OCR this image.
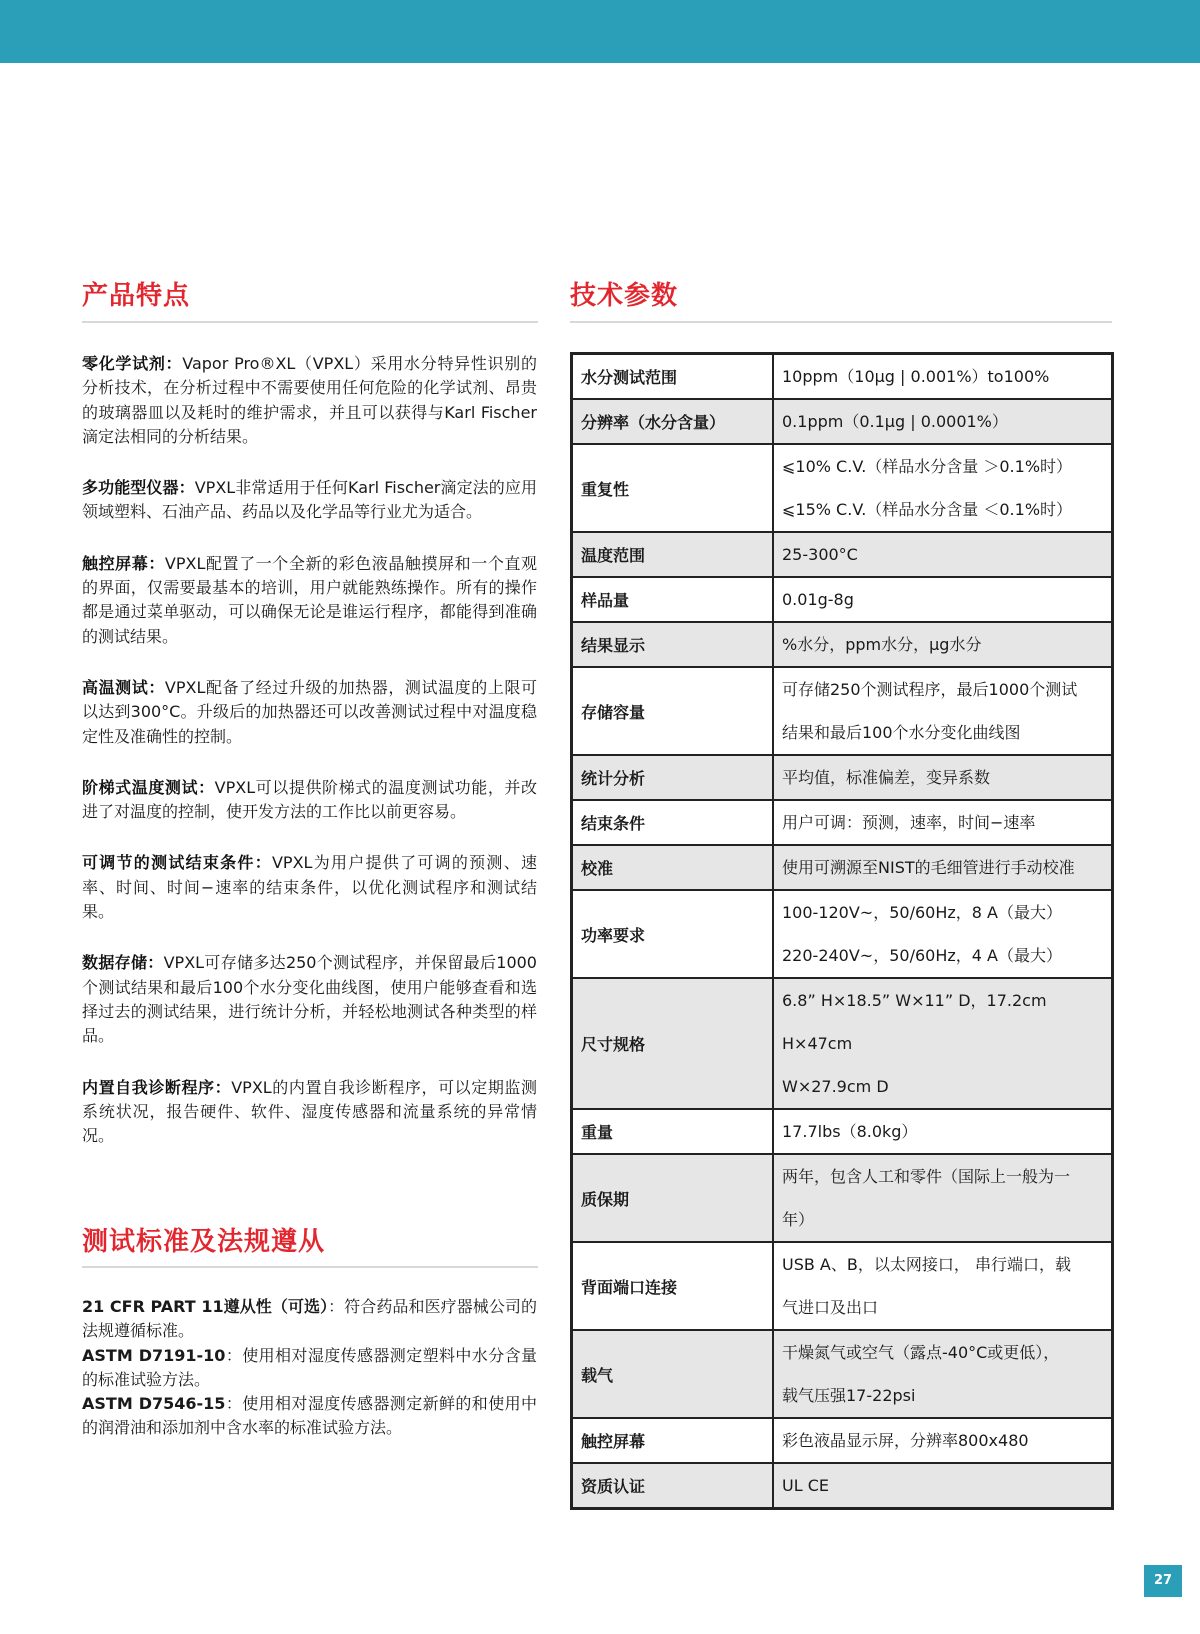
产品特点	技术参数

零化学试剂：Vapor Pro®XL（VPXL）采用水分特异性识别的分析技术，在分析过程中不需要使用任何危险的化学试剂、昂贵的玻璃器皿以及耗时的维护需求，并且可以获得与Karl Fischer滴定法相同的分析结果。

多功能型仪器：VPXL非常适用于任何Karl Fischer滴定法的应用领域塑料、石油产品、药品以及化学品等行业尤为适合。

触控屏幕：VPXL配置了一个全新的彩色液晶触摸屏和一个直观的界面，仅需要最基本的培训，用户就能熟练操作。所有的操作都是通过菜单驱动，可以确保无论是谁运行程序，都能得到准确的测试结果。

高温测试：VPXL配备了经过升级的加热器，测试温度的上限可以达到300°C。升级后的加热器还可以改善测试过程中对温度稳定性及准确性的控制。

阶梯式温度测试：VPXL可以提供阶梯式的温度测试功能，并改进了对温度的控制，使开发方法的工作比以前更容易。

可调节的测试结束条件：VPXL为用户提供了可调的预测、速率、时间、时间−速率的结束条件，以优化测试程序和测试结果。

数据存储：VPXL可存储多达250个测试程序，并保留最后1000个测试结果和最后100个水分变化曲线图，使用户能够查看和选择过去的测试结果，进行统计分析，并轻松地测试各种类型的样品。

内置自我诊断程序：VPXL的内置自我诊断程序，可以定期监测系统状况，报告硬件、软件、湿度传感器和流量系统的异常情况。

测试标准及法规遵从

21 CFR PART 11遵从性（可选）：符合药品和医疗器械公司的法规遵循标准。

ASTM D7191-10：使用相对湿度传感器测定塑料中水分含量的标准试验方法。

ASTM D7546-15：使用相对湿度传感器测定新鲜的和使用中的润滑油和添加剂中含水率的标准试验方法。

水分测试范围	10ppm（10μg | 0.001%）to100%

分辨率（水分含量）	0.1ppm（0.1μg | 0.0001%）

重复性	⩽10% C.V.（样品水分含量 ＞0.1%时）
⩽15% C.V.（样品水分含量 ＜0.1%时）

温度范围	25-300°C

样品量	0.01g-8g

结果显示	%水分，ppm水分，μg水分

存储容量	可存储250个测试程序，最后1000个测试
结果和最后100个水分变化曲线图

统计分析	平均值，标准偏差，变异系数

结束条件	用户可调：预测，速率，时间−速率

校准	使用可溯源至NIST的毛细管进行手动校准

功率要求	100-120V~，50/60Hz，8 A（最大）
220-240V~，50/60Hz，4 A（最大）

尺寸规格	6.8” H×18.5” W×11” D，17.2cm H×47cm
W×27.9cm D

重量	17.7lbs（8.0kg）

质保期	两年，包含人工和零件（国际上一般为一
年）

背面端口连接	USB A、B，以太网接口， 串行端口，载
气进口及出口

载气	干燥氮气或空气（露点-40°C或更低），
载气压强17-22psi

触控屏幕	彩色液晶显示屏，分辨率800x480

资质认证	UL CE
27
